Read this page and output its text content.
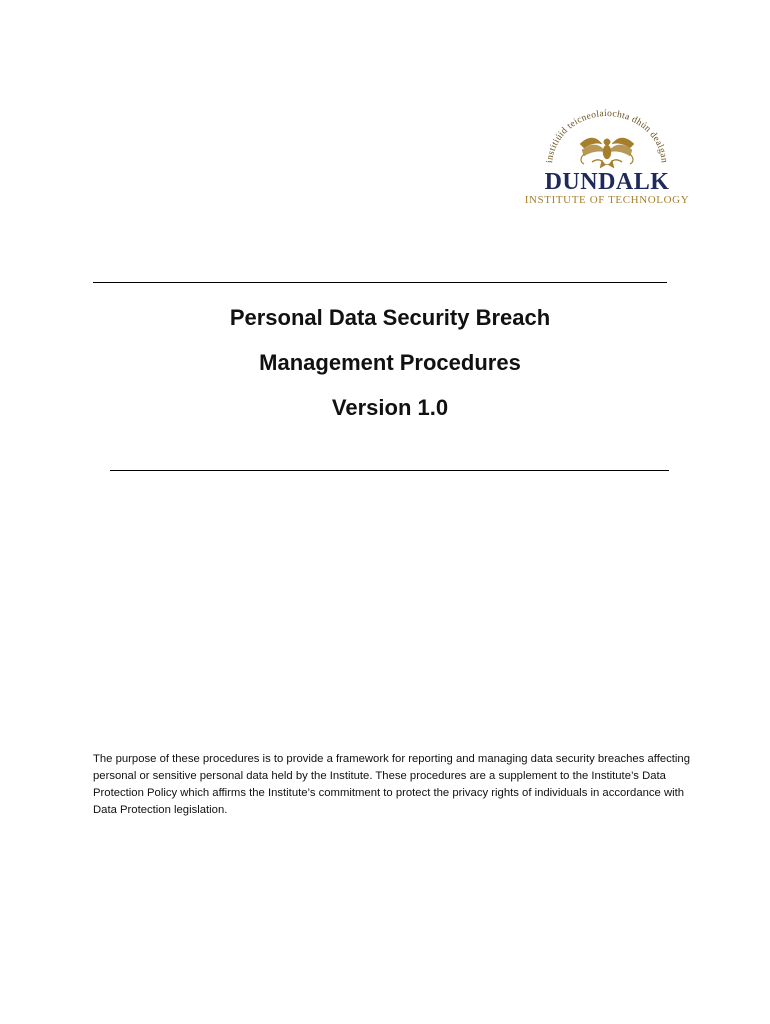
institiúid teicneolaíochta dhún dealgan
DUNDALK
INSTITUTE OF TECHNOLOGY
Personal Data Security Breach
Management Procedures
Version 1.0

The purpose of these procedures is to provide a framework for reporting and managing data security breaches affecting personal or sensitive personal data held by the Institute. These procedures are a supplement to the Institute’s Data Protection Policy which affirms the Institute’s commitment to protect the privacy rights of individuals in accordance with Data Protection legislation.
